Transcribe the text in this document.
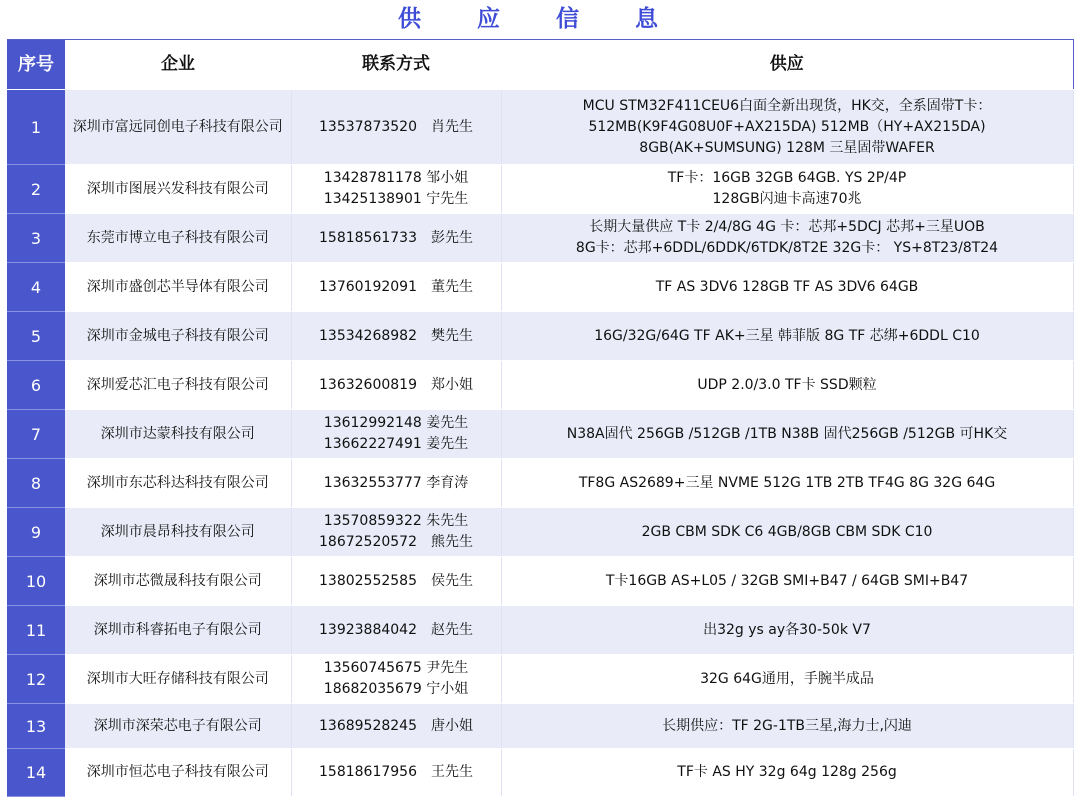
供 应 信 息
序号	企业	联系方式	供应
1	深圳市富远同创电子科技有限公司	13537873520　肖先生	MCU STM32F411CEU6白面全新出现货，HK交，全系固带T卡：
512MB(K9F4G08U0F+AX215DA) 512MB（HY+AX215DA)
8GB(AK+SUMSUNG) 128M 三星固带WAFER

2	深圳市图展兴发科技有限公司	13428781178 邹小姐
13425138901 宁先生	TF卡：16GB 32GB 64GB. YS 2P/4P
128GB闪迪卡高速70兆

3	东莞市博立电子科技有限公司	15818561733　彭先生	长期大量供应 T卡 2/4/8G 4G 卡：芯邦+5DCJ 芯邦+三星UOB
8G卡：芯邦+6DDL/6DDK/6TDK/8T2E 32G卡： YS+8T23/8T24

4	深圳市盛创芯半导体有限公司	13760192091　董先生	TF AS 3DV6 128GB TF AS 3DV6 64GB

5	深圳市金城电子科技有限公司	13534268982　樊先生	16G/32G/64G TF AK+三星 韩菲版 8G TF 芯绑+6DDL C10

6	深圳爱芯汇电子科技有限公司	13632600819　郑小姐	UDP 2.0/3.0 TF卡 SSD颗粒

7	深圳市达蒙科技有限公司	13612992148 姜先生
13662227491 姜先生	N38A固代 256GB /512GB /1TB N38B 固代256GB /512GB 可HK交

8	深圳市东芯科达科技有限公司	13632553777 李育涛	TF8G AS2689+三星 NVME 512G 1TB 2TB TF4G 8G 32G 64G

9	深圳市晨昂科技有限公司	13570859322 朱先生
18672520572　熊先生	2GB CBM SDK C6 4GB/8GB CBM SDK C10

10	深圳市芯微晟科技有限公司	13802552585　侯先生	T卡16GB AS+L05 / 32GB SMI+B47 / 64GB SMI+B47

11	深圳市科睿拓电子有限公司	13923884042　赵先生	出32g ys ay各30-50k V7

12	深圳市大旺存储科技有限公司	13560745675 尹先生
18682035679 宁小姐	32G 64G通用，手腕半成品

13	深圳市深荣芯电子有限公司	13689528245　唐小姐	长期供应：TF 2G-1TB三星,海力士,闪迪

14	深圳市恒芯电子科技有限公司	15818617956　王先生	TF卡 AS HY 32g 64g 128g 256g
